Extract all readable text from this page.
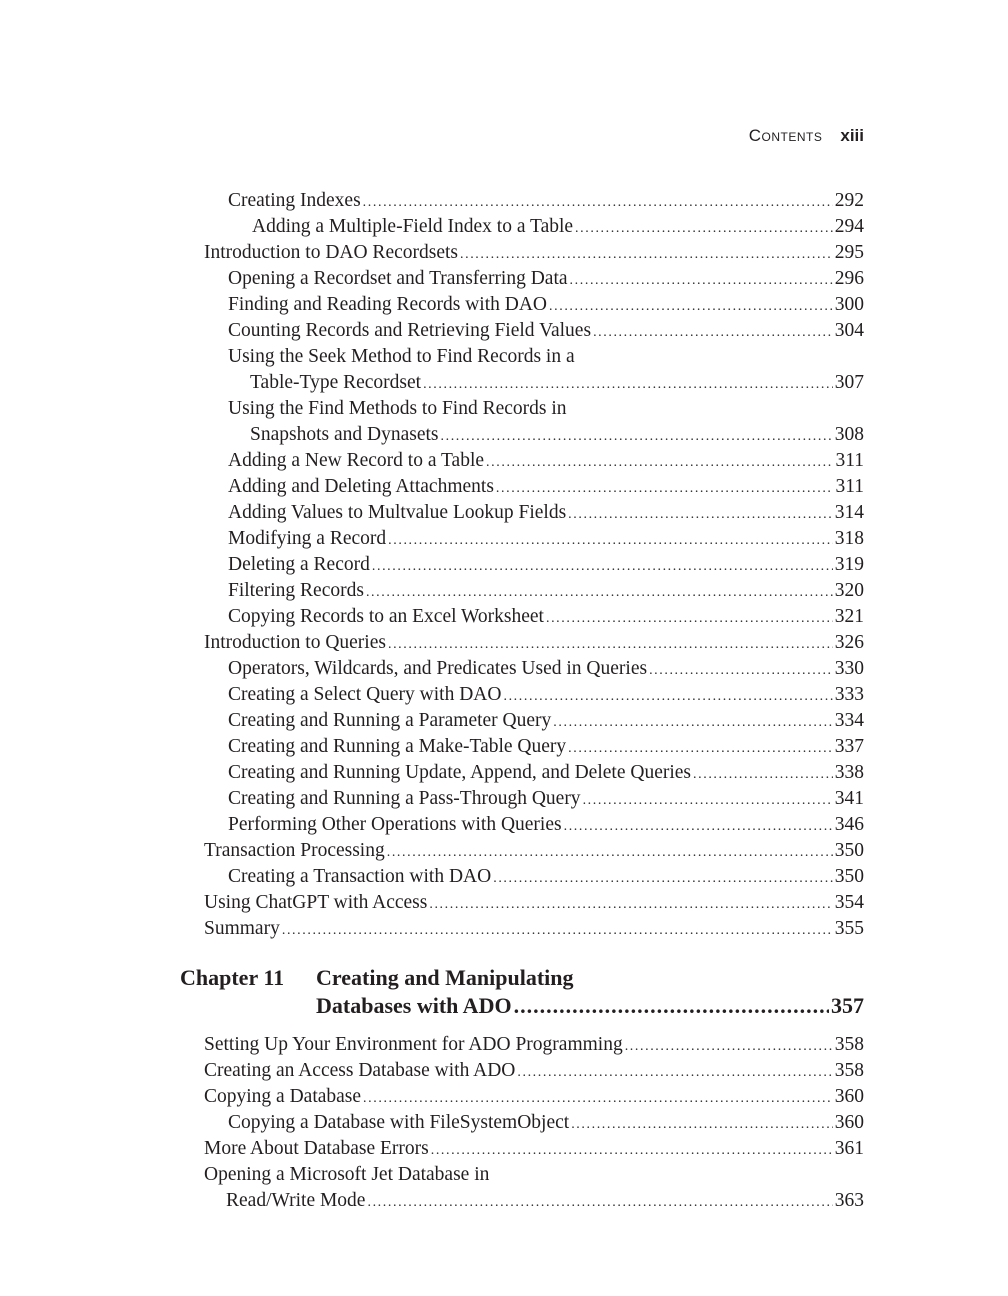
Contents xiii
Creating Indexes .....	292
Adding a Multiple-Field Index to a Table .....	294
Introduction to DAO Recordsets .....	295
Opening a Recordset and Transferring Data .....	296
Finding and Reading Records with DAO .....	300
Counting Records and Retrieving Field Values .....	304
Using the Seek Method to Find Records in a
Table-Type Recordset .....	307
Using the Find Methods to Find Records in
Snapshots and Dynasets .....	308
Adding a New Record to a Table .....	311
Adding and Deleting Attachments .....	311
Adding Values to Multvalue Lookup Fields .....	314
Modifying a Record .....	318
Deleting a Record .....	319
Filtering Records .....	320
Copying Records to an Excel Worksheet .....	321
Introduction to Queries .....	326
Operators, Wildcards, and Predicates Used in Queries .....	330
Creating a Select Query with DAO .....	333
Creating and Running a Parameter Query .....	334
Creating and Running a Make-Table Query .....	337
Creating and Running Update, Append, and Delete Queries .....	338
Creating and Running a Pass-Through Query .....	341
Performing Other Operations with Queries .....	346
Transaction Processing .....	350
Creating a Transaction with DAO .....	350
Using ChatGPT with Access .....	354
Summary .....	355
Chapter 11	Creating and Manipulating
Databases with ADO .....	357
Setting Up Your Environment for ADO Programming .....	358
Creating an Access Database with ADO .....	358
Copying a Database .....	360
Copying a Database with FileSystemObject .....	360
More About Database Errors .....	361
Opening a Microsoft Jet Database in
Read/Write Mode .....	363
